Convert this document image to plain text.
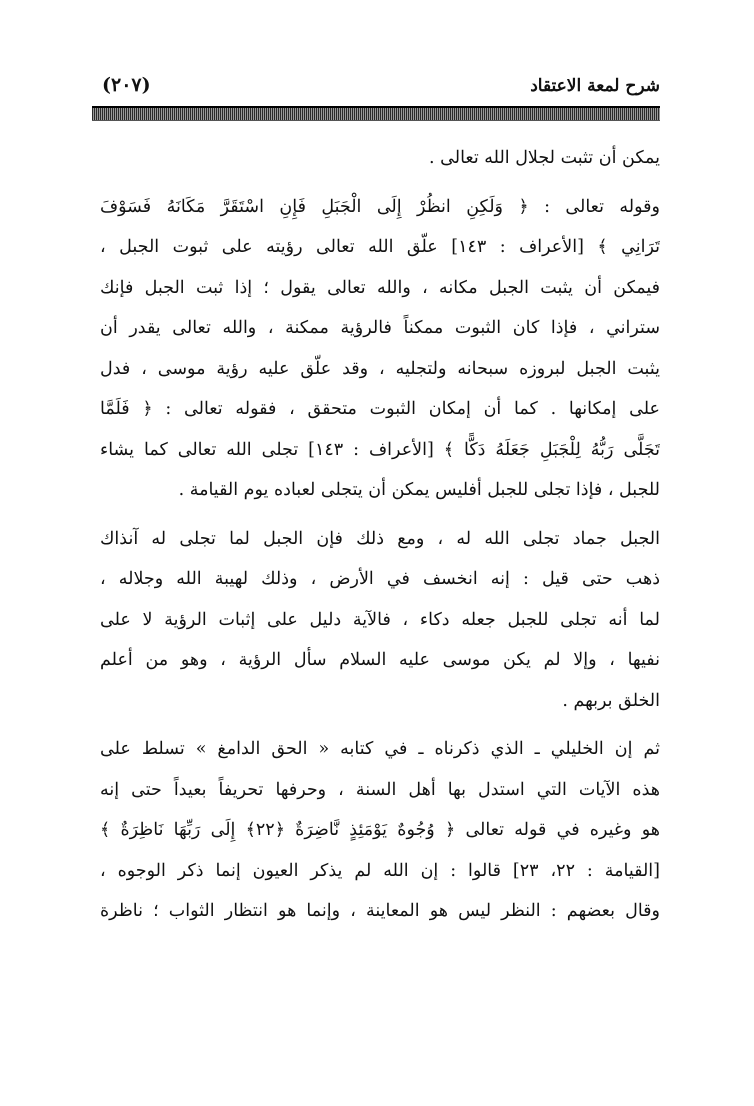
شرح لمعة الاعتقاد
(٢٠٧)
يمكن أن تثبت لجلال الله تعالى .
وقوله تعالى : ﴿ وَلَكِنِ انظُرْ إِلَى الْجَبَلِ فَإِنِ اسْتَقَرَّ مَكَانَهُ فَسَوْفَ
تَرَانِي ﴾ [الأعراف : ١٤٣] علّق الله تعالى رؤيته على ثبوت الجبل ،
فيمكن أن يثبت الجبل مكانه ، والله تعالى يقول ؛ إذا ثبت الجبل فإنك
ستراني ، فإذا كان الثبوت ممكناً فالرؤية ممكنة ، والله تعالى يقدر أن
يثبت الجبل لبروزه سبحانه ولتجليه ، وقد علّق عليه رؤية موسى ، فدل
على إمكانها . كما أن إمكان الثبوت متحقق ، فقوله تعالى : ﴿ فَلَمَّا
تَجَلَّى رَبُّهُ لِلْجَبَلِ جَعَلَهُ دَكًّا ﴾ [الأعراف : ١٤٣] تجلى الله تعالى كما يشاء
للجبل ، فإذا تجلى للجبل أفليس يمكن أن يتجلى لعباده يوم القيامة .
الجبل جماد تجلى الله له ، ومع ذلك فإن الجبل لما تجلى له آنذاك
ذهب حتى قيل : إنه انخسف في الأرض ، وذلك لهيبة الله وجلاله ،
لما أنه تجلى للجبل جعله دكاء ، فالآية دليل على إثبات الرؤية لا على
نفيها ، وإلا لم يكن موسى عليه السلام سأل الرؤية ، وهو من أعلم
الخلق بربهم .
ثم إن الخليلي ـ الذي ذكرناه ـ في كتابه « الحق الدامغ » تسلط على
هذه الآيات التي استدل بها أهل السنة ، وحرفها تحريفاً بعيداً حتى إنه
هو وغيره في قوله تعالى ﴿ وُجُوهٌ يَوْمَئِذٍ نَّاضِرَةٌ ﴿٢٢﴾ إِلَى رَبِّهَا نَاظِرَةٌ ﴾
[القيامة : ٢٢، ٢٣] قالوا : إن الله لم يذكر العيون إنما ذكر الوجوه ،
وقال بعضهم : النظر ليس هو المعاينة ، وإنما هو انتظار الثواب ؛ ناظرة
